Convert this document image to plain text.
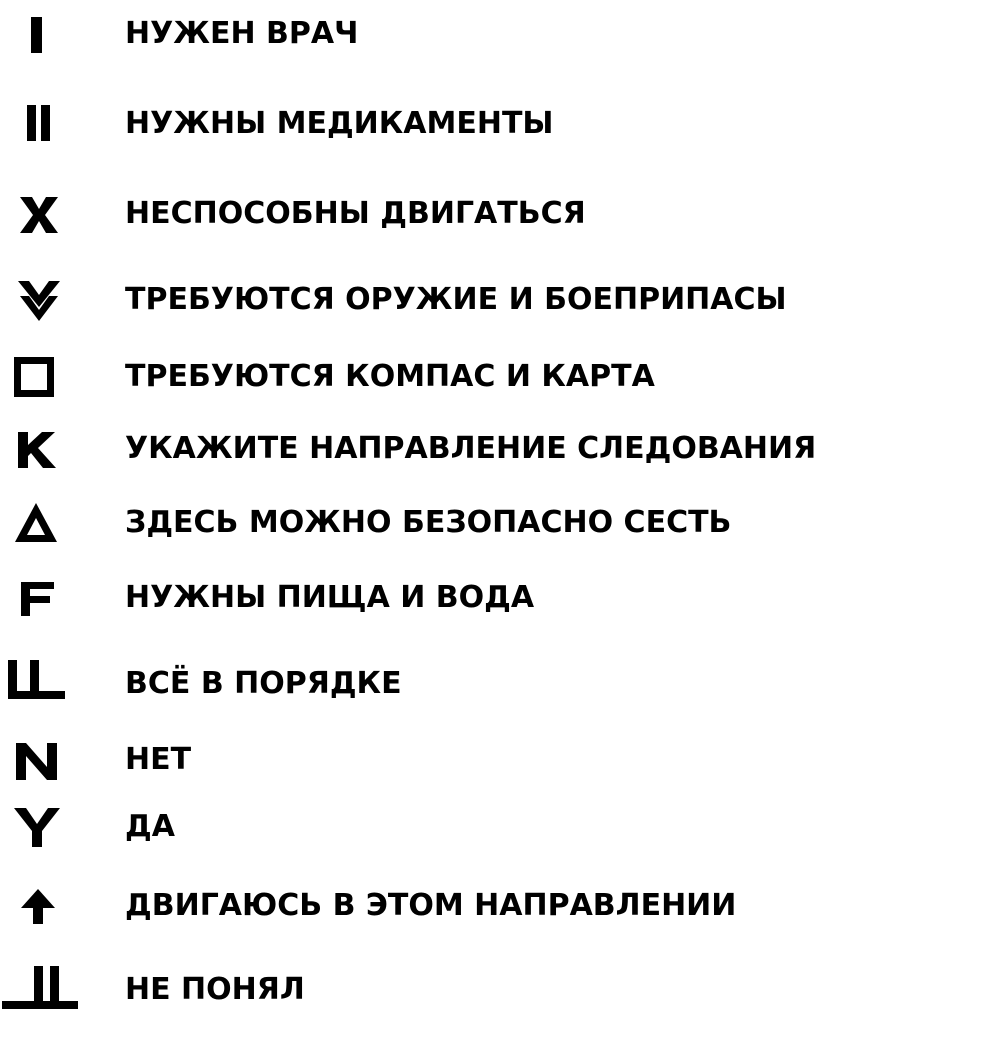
НУЖЕН ВРАЧ
НУЖНЫ МЕДИКАМЕНТЫ
НЕСПОСОБНЫ ДВИГАТЬСЯ
ТРЕБУЮТСЯ ОРУЖИЕ И БОЕПРИПАСЫ
ТРЕБУЮТСЯ КОМПАС И КАРТА
УКАЖИТЕ НАПРАВЛЕНИЕ СЛЕДОВАНИЯ
ЗДЕСЬ МОЖНО БЕЗОПАСНО СЕСТЬ
НУЖНЫ ПИЩА И ВОДА
ВСЁ В ПОРЯДКЕ
НЕТ
ДА
ДВИГАЮСЬ В ЭТОМ НАПРАВЛЕНИИ
НЕ ПОНЯЛ
